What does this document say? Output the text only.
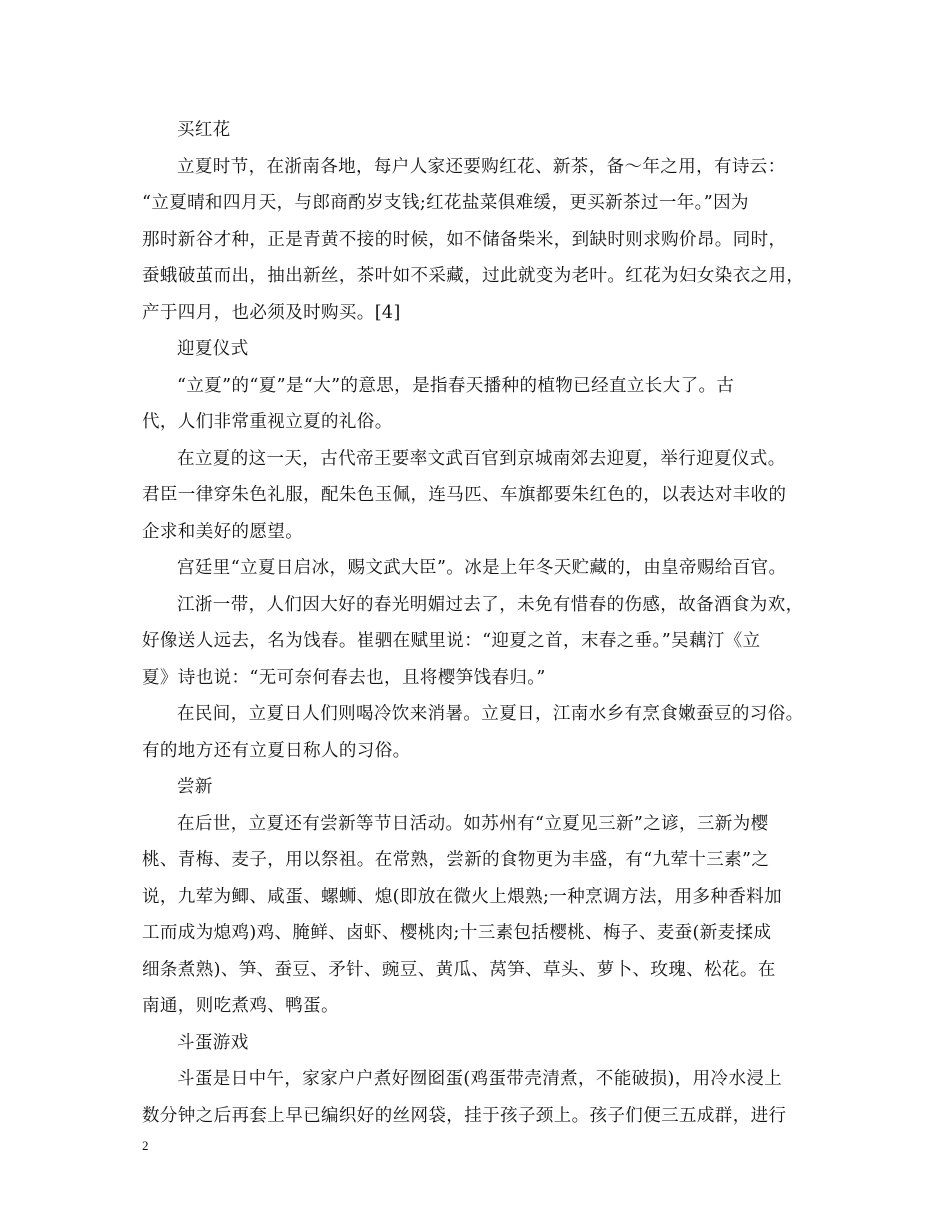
买红花
立夏时节，在浙南各地，每户人家还要购红花、新茶，备～年之用，有诗云：
“立夏晴和四月天，与郎商酌岁支钱;红花盐菜俱难缓，更买新茶过一年。”因为
那时新谷才种，正是青黄不接的时候，如不储备柴米，到缺时则求购价昂。同时，
蚕蛾破茧而出，抽出新丝，茶叶如不采藏，过此就变为老叶。红花为妇女染衣之用，
产于四月，也必须及时购买。[4]
迎夏仪式
“立夏”的“夏”是“大”的意思，是指春天播种的植物已经直立长大了。古
代，人们非常重视立夏的礼俗。
在立夏的这一天，古代帝王要率文武百官到京城南郊去迎夏，举行迎夏仪式。
君臣一律穿朱色礼服，配朱色玉佩，连马匹、车旗都要朱红色的，以表达对丰收的
企求和美好的愿望。
宫廷里“立夏日启冰，赐文武大臣”。冰是上年冬天贮藏的，由皇帝赐给百官。
江浙一带，人们因大好的春光明媚过去了，未免有惜春的伤感，故备酒食为欢，
好像送人远去，名为饯春。崔驷在赋里说：“迎夏之首，末春之垂。”吴藕汀《立
夏》诗也说：“无可奈何春去也，且将樱笋饯春归。”
在民间，立夏日人们则喝冷饮来消暑。立夏日，江南水乡有烹食嫩蚕豆的习俗。
有的地方还有立夏日称人的习俗。
尝新
在后世，立夏还有尝新等节日活动。如苏州有“立夏见三新”之谚，三新为樱
桃、青梅、麦子，用以祭祖。在常熟，尝新的食物更为丰盛，有“九荤十三素”之
说，九荤为鲫、咸蛋、螺蛳、熄(即放在微火上煨熟;一种烹调方法，用多种香料加
工而成为熄鸡)鸡、腌鲜、卤虾、樱桃肉;十三素包括樱桃、梅子、麦蚕(新麦揉成
细条煮熟)、笋、蚕豆、矛针、豌豆、黄瓜、莴笋、草头、萝卜、玫瑰、松花。在
南通，则吃煮鸡、鸭蛋。
斗蛋游戏
斗蛋是日中午，家家户户煮好囫囵蛋(鸡蛋带壳清煮，不能破损)，用冷水浸上
数分钟之后再套上早已编织好的丝网袋，挂于孩子颈上。孩子们便三五成群，进行
2
